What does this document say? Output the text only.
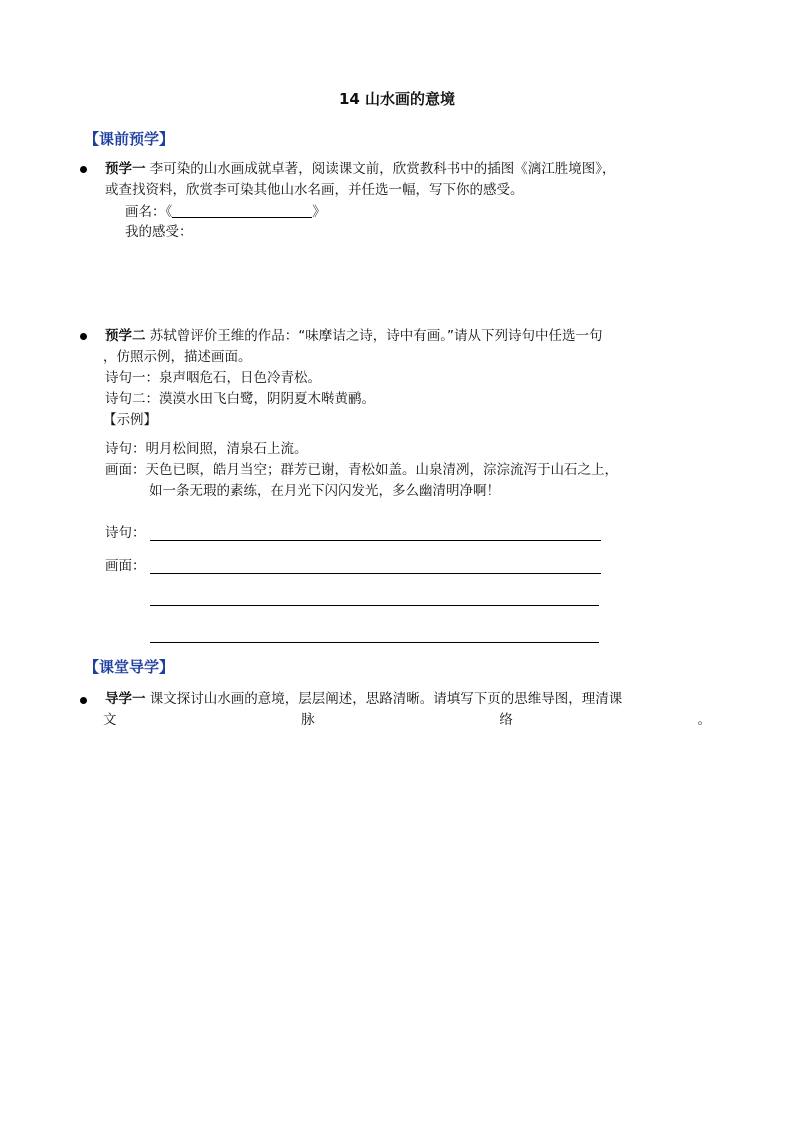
14 山水画的意境
【课前预学】
预学一 李可染的山水画成就卓著，阅读课文前，欣赏教科书中的插图《漓江胜境图》，
或查找资料，欣赏李可染其他山水名画，并任选一幅，写下你的感受。
画名：《	》
我的感受：
预学二 苏轼曾评价王维的作品：“味摩诘之诗，诗中有画。”请从下列诗句中任选一句
，仿照示例，描述画面。
诗句一：泉声咽危石，日色冷青松。
诗句二：漠漠水田飞白鹭，阴阴夏木啭黄鹂。
【示例】
诗句：明月松间照，清泉石上流。
画面：天色已暝，皓月当空；群芳已谢，青松如盖。山泉清冽，淙淙流泻于山石之上，
如一条无瑕的素练，在月光下闪闪发光，多么幽清明净啊！
诗句：
画面：
【课堂导学】
导学一 课文探讨山水画的意境，层层阐述，思路清晰。请填写下页的思维导图，理清课
文	脉	络	。
